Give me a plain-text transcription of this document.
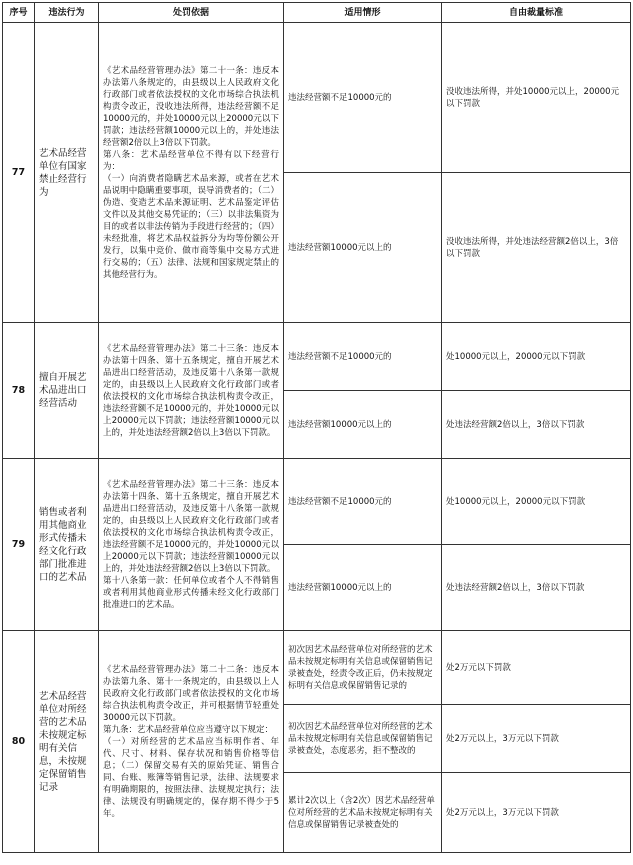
序号	违法行为	处罚依据	适用情形	自由裁量标准
77	艺术品经营单位有国家禁止经营行为	《艺术品经营管理办法》第二十一条：违反本办法第八条规定的，由县级以上人民政府文化行政部门或者依法授权的文化市场综合执法机构责令改正，没收违法所得，违法经营额不足10000元的，并处10000元以上20000元以下罚款；违法经营额10000元以上的，并处违法经营额2倍以上3倍以下罚款。
第八条：艺术品经营单位不得有以下经营行为：
（一）向消费者隐瞒艺术品来源，或者在艺术品说明中隐瞒重要事项，误导消费者的；（二）伪造、变造艺术品来源证明、艺术品鉴定评估文件以及其他交易凭证的；（三）以非法集资为目的或者以非法传销为手段进行经营的；（四）未经批准，将艺术品权益拆分为均等份额公开发行，以集中竞价、做市商等集中交易方式进行交易的；（五）法律、法规和国家规定禁止的其他经营行为。	违法经营额不足10000元的	没收违法所得，并处10000元以上，20000元以下罚款
			违法经营额10000元以上的	没收违法所得，并处违法经营额2倍以上，3倍以下罚款
78	擅自开展艺术品进出口经营活动	《艺术品经营管理办法》第二十三条：违反本办法第十四条、第十五条规定，擅自开展艺术品进出口经营活动，及违反第十八条第一款规定的，由县级以上人民政府文化行政部门或者依法授权的文化市场综合执法机构责令改正，违法经营额不足10000元的，并处10000元以上20000元以下罚款；违法经营额10000元以上的，并处违法经营额2倍以上3倍以下罚款。	违法经营额不足10000元的	处10000元以上，20000元以下罚款
			违法经营额10000元以上的	处违法经营额2倍以上，3倍以下罚款
79	销售或者利用其他商业形式传播未经文化行政部门批准进口的艺术品	《艺术品经营管理办法》第二十三条：违反本办法第十四条、第十五条规定，擅自开展艺术品进出口经营活动，及违反第十八条第一款规定的，由县级以上人民政府文化行政部门或者依法授权的文化市场综合执法机构责令改正，违法经营额不足10000元的，并处10000元以上20000元以下罚款；违法经营额10000元以上的，并处违法经营额2倍以上3倍以下罚款。
第十八条第一款：任何单位或者个人不得销售或者利用其他商业形式传播未经文化行政部门批准进口的艺术品。	违法经营额不足10000元的	处10000元以上，20000元以下罚款
			违法经营额10000元以上的	处违法经营额2倍以上，3倍以下罚款
80	艺术品经营单位对所经营的艺术品未按规定标明有关信息，未按规定保留销售记录	《艺术品经营管理办法》第二十二条：违反本办法第九条、第十一条规定的，由县级以上人民政府文化行政部门或者依法授权的文化市场综合执法机构责令改正，并可根据情节轻重处30000元以下罚款。
第九条：艺术品经营单位应当遵守以下规定：
（一）对所经营的艺术品应当标明作者、年代、尺寸、材料、保存状况和销售价格等信息；（二）保留交易有关的原始凭证、销售合同、台账、账簿等销售记录，法律、法规要求有明确期限的，按照法律、法规规定执行；法律、法规没有明确规定的，保存期不得少于5年。	初次因艺术品经营单位对所经营的艺术品未按规定标明有关信息或保留销售记录被查处，经责令改正后，仍未按规定标明有关信息或保留销售记录的	处2万元以下罚款
			初次因艺术品经营单位对所经营的艺术品未按规定标明有关信息或保留销售记录被查处，态度恶劣，拒不整改的	处2万元以上，3万元以下罚款
			累计2次以上（含2次）因艺术品经营单位对所经营的艺术品未按规定标明有关信息或保留销售记录被查处的	处2万元以上，3万元以下罚款
